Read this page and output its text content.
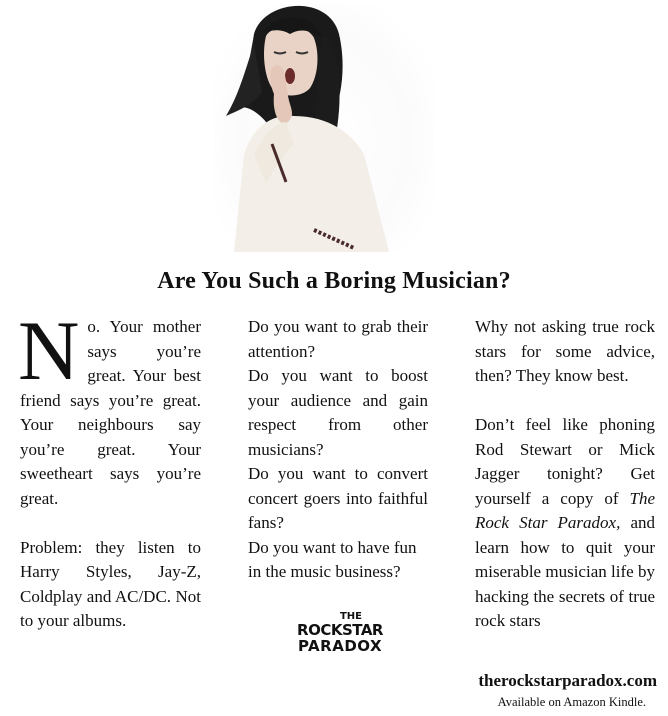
Are You Such a Boring Musician?

No. Your mother says you’re great. Your best friend says you’re great. Your neighbours say you’re great. Your sweetheart says you’re great.

Problem: they listen to Harry Styles, Jay-Z, Coldplay and AC/DC. Not to your albums.

Do you want to grab their attention?

Do you want to boost your audience and gain respect from other musicians?

Do you want to convert concert goers into faithful fans?

Do you want to have fun in the music business?

Why not asking true rock stars for some advice, then? They know best.

Don’t feel like phoning Rod Stewart or Mick Jagger tonight? Get yourself a copy of The Rock Star Paradox, and learn how to quit your miserable musician life by hacking the secrets of true rock stars

THE
ROCKSTAR
PARADOX
therockstarparadox.com
Available on Amazon Kindle.
